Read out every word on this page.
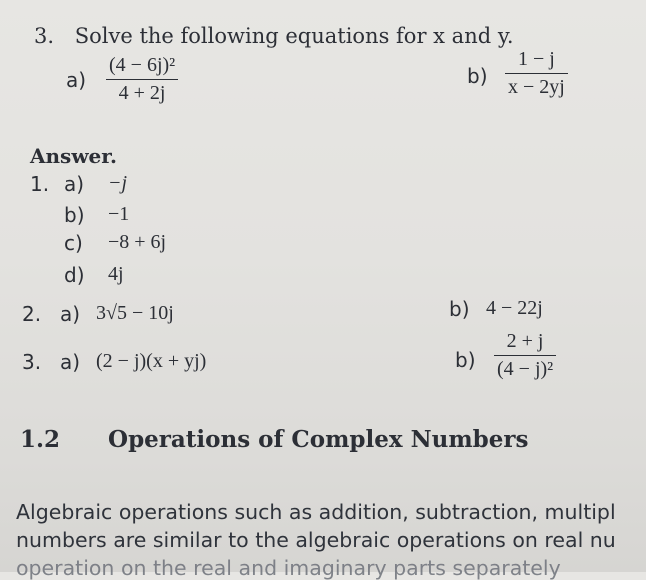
3. Solve the following equations for x and y.
$a) \frac{\text{(4 − 6j)²}}{4 + 2j}$	$b) \frac{1 - j}{x - 2yj}$
Answer.
1. a) −j
b) −1
c) −8 + 6j
d) 4j
2. a) 3√5 − 10j	b) 4 − 22j
3. a) (2 − j)(x + yj)	$b) \frac{2 + j}{\text{(4 − j)²}}$
1.2 Operations of Complex Numbers
Algebraic operations such as addition, subtraction, multipl
numbers are similar to the algebraic operations on real nu
operation on the real and imaginary parts separately
